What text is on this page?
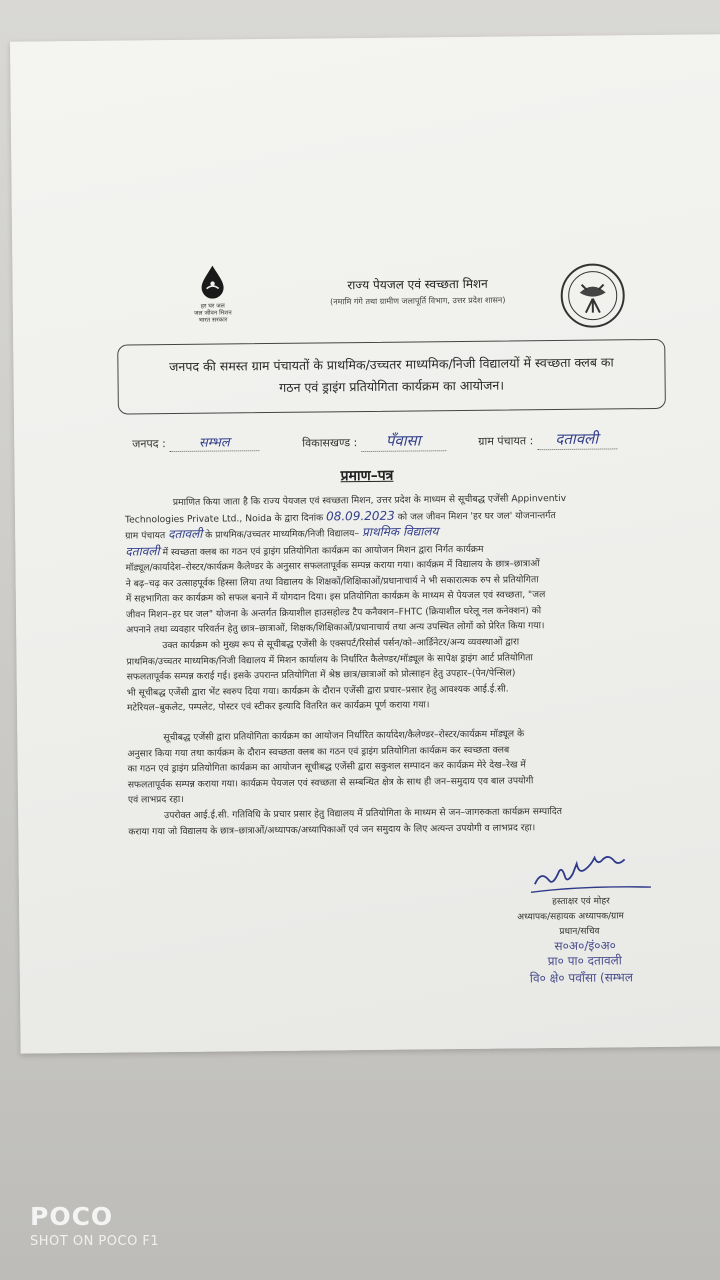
हर घर जल
जल जीवन मिशन
भारत सरकार
राज्य पेयजल एवं स्वच्छता मिशन
(नमामि गंगे तथा ग्रामीण जलापूर्ति विभाग, उत्तर प्रदेश शासन)
जनपद की समस्त ग्राम पंचायतों के प्राथमिक/उच्चतर माध्यमिक/निजी विद्यालयों में स्वच्छता क्लब का
गठन एवं ड्राइंग प्रतियोगिता कार्यक्रम का आयोजन।
जनपद :	सम्भल	विकासखण्ड : पँवासा	ग्राम पंचायत : दतावली
प्रमाण–पत्र
प्रमाणित किया जाता है कि राज्य पेयजल एवं स्वच्छता मिशन, उत्तर प्रदेश के माध्यम से सूचीबद्ध एजेंसी Appinventiv
Technologies Private Ltd., Noida के द्वारा दिनांक 08.09.2023 को जल जीवन मिशन 'हर घर जल' योजनान्तर्गत
ग्राम पंचायत दतावली के प्राथमिक/उच्चतर माध्यमिक/निजी विद्यालय– प्राथमिक विद्यालय
दतावली में स्वच्छता क्लब का गठन एवं ड्राइंग प्रतियोगिता कार्यक्रम का आयोजन मिशन द्वारा निर्गत कार्यक्रम
मॉड्यूल/कार्यादेश–रोस्टर/कार्यक्रम कैलेण्डर के अनुसार सफलतापूर्वक सम्पन्न कराया गया। कार्यक्रम में विद्यालय के छात्र–छात्राओं
ने बढ़–चढ़ कर उत्साहपूर्वक हिस्सा लिया तथा विद्यालय के शिक्षकों/शिक्षिकाओं/प्रधानाचार्य ने भी सकारात्मक रुप से प्रतियोगिता
में सहभागिता कर कार्यक्रम को सफल बनाने में योगदान दिया। इस प्रतियोगिता कार्यक्रम के माध्यम से पेयजल एवं स्वच्छता, "जल
जीवन मिशन–हर घर जल" योजना के अन्तर्गत क्रियाशील हाउसहोल्ड टैप कनैक्शन–FHTC (क्रियाशील घरेलू नल कनेक्शन) को
अपनाने तथा व्यवहार परिवर्तन हेतु छात्र–छात्राओं, शिक्षक/शिक्षिकाओं/प्रधानाचार्य तथा अन्य उपस्थित लोगों को प्रेरित किया गया।
उक्त कार्यक्रम को मुख्य रूप से सूचीबद्ध एजेंसी के एक्सपर्ट/रिसोर्स पर्सन/को–आर्डिनेटर/अन्य व्यवस्थाओं द्वारा
प्राथमिक/उच्चतर माध्यमिक/निजी विद्यालय में मिशन कार्यालय के निर्धारित कैलेण्डर/मॉड्यूल के सापेक्ष ड्राइंग आर्ट प्रतियोगिता
सफलतापूर्वक सम्पन्न कराई गई। इसके उपरान्त प्रतियोगिता में श्रेष्ठ छात्र/छात्राओं को प्रोत्साहन हेतु उपहार–(पेन/पेन्सिल)
भी सूचीबद्ध एजेंसी द्वारा भेंट स्वरुप दिया गया। कार्यक्रम के दौरान एजेंसी द्वारा प्रचार–प्रसार हेतु आवश्यक आई.ई.सी.
मटेरियल–बुकलेट, पम्पलेट, पोस्टर एवं स्टीकर इत्यादि वितरित कर कार्यक्रम पूर्ण कराया गया।
सूचीबद्ध एजेंसी द्वारा प्रतियोगिता कार्यक्रम का आयोजन निर्धारित कार्यादेश/कैलेण्डर–रोस्टर/कार्यक्रम मॉड्यूल के
अनुसार किया गया तथा कार्यक्रम के दौरान स्वच्छता क्लब का गठन एवं ड्राइंग प्रतियोगिता कार्यक्रम कर स्वच्छता क्लब
का गठन एवं ड्राइंग प्रतियोगिता कार्यक्रम का आयोजन सूचीबद्ध एजेंसी द्वारा सकुशल सम्पादन कर कार्यक्रम मेरे देख–रेख में
सफलतापूर्वक सम्पन्न कराया गया। कार्यक्रम पेयजल एवं स्वच्छता से सम्बन्धित क्षेत्र के साथ ही जन–समुदाय एव बाल उपयोगी
एवं लाभप्रद रहा।
उपरोक्त आई.ई.सी. गतिविधि के प्रचार प्रसार हेतु विद्यालय में प्रतियोगिता के माध्यम से जन–जागरुकता कार्यक्रम सम्पादित
कराया गया जो विद्यालय के छात्र–छात्राओं/अध्यापक/अध्यापिकाओं एवं जन समुदाय के लिए अत्यन्त उपयोगी व लाभप्रद रहा।
हस्ताक्षर एवं मोहर
अध्यापक/सहायक अध्यापक/ग्राम
प्रधान/सचिव
स०अ०/इं०अ०
प्रा० पा० दतावली
वि० क्षे० पवाँसा (सम्भल
POCO
SHOT ON POCO F1
